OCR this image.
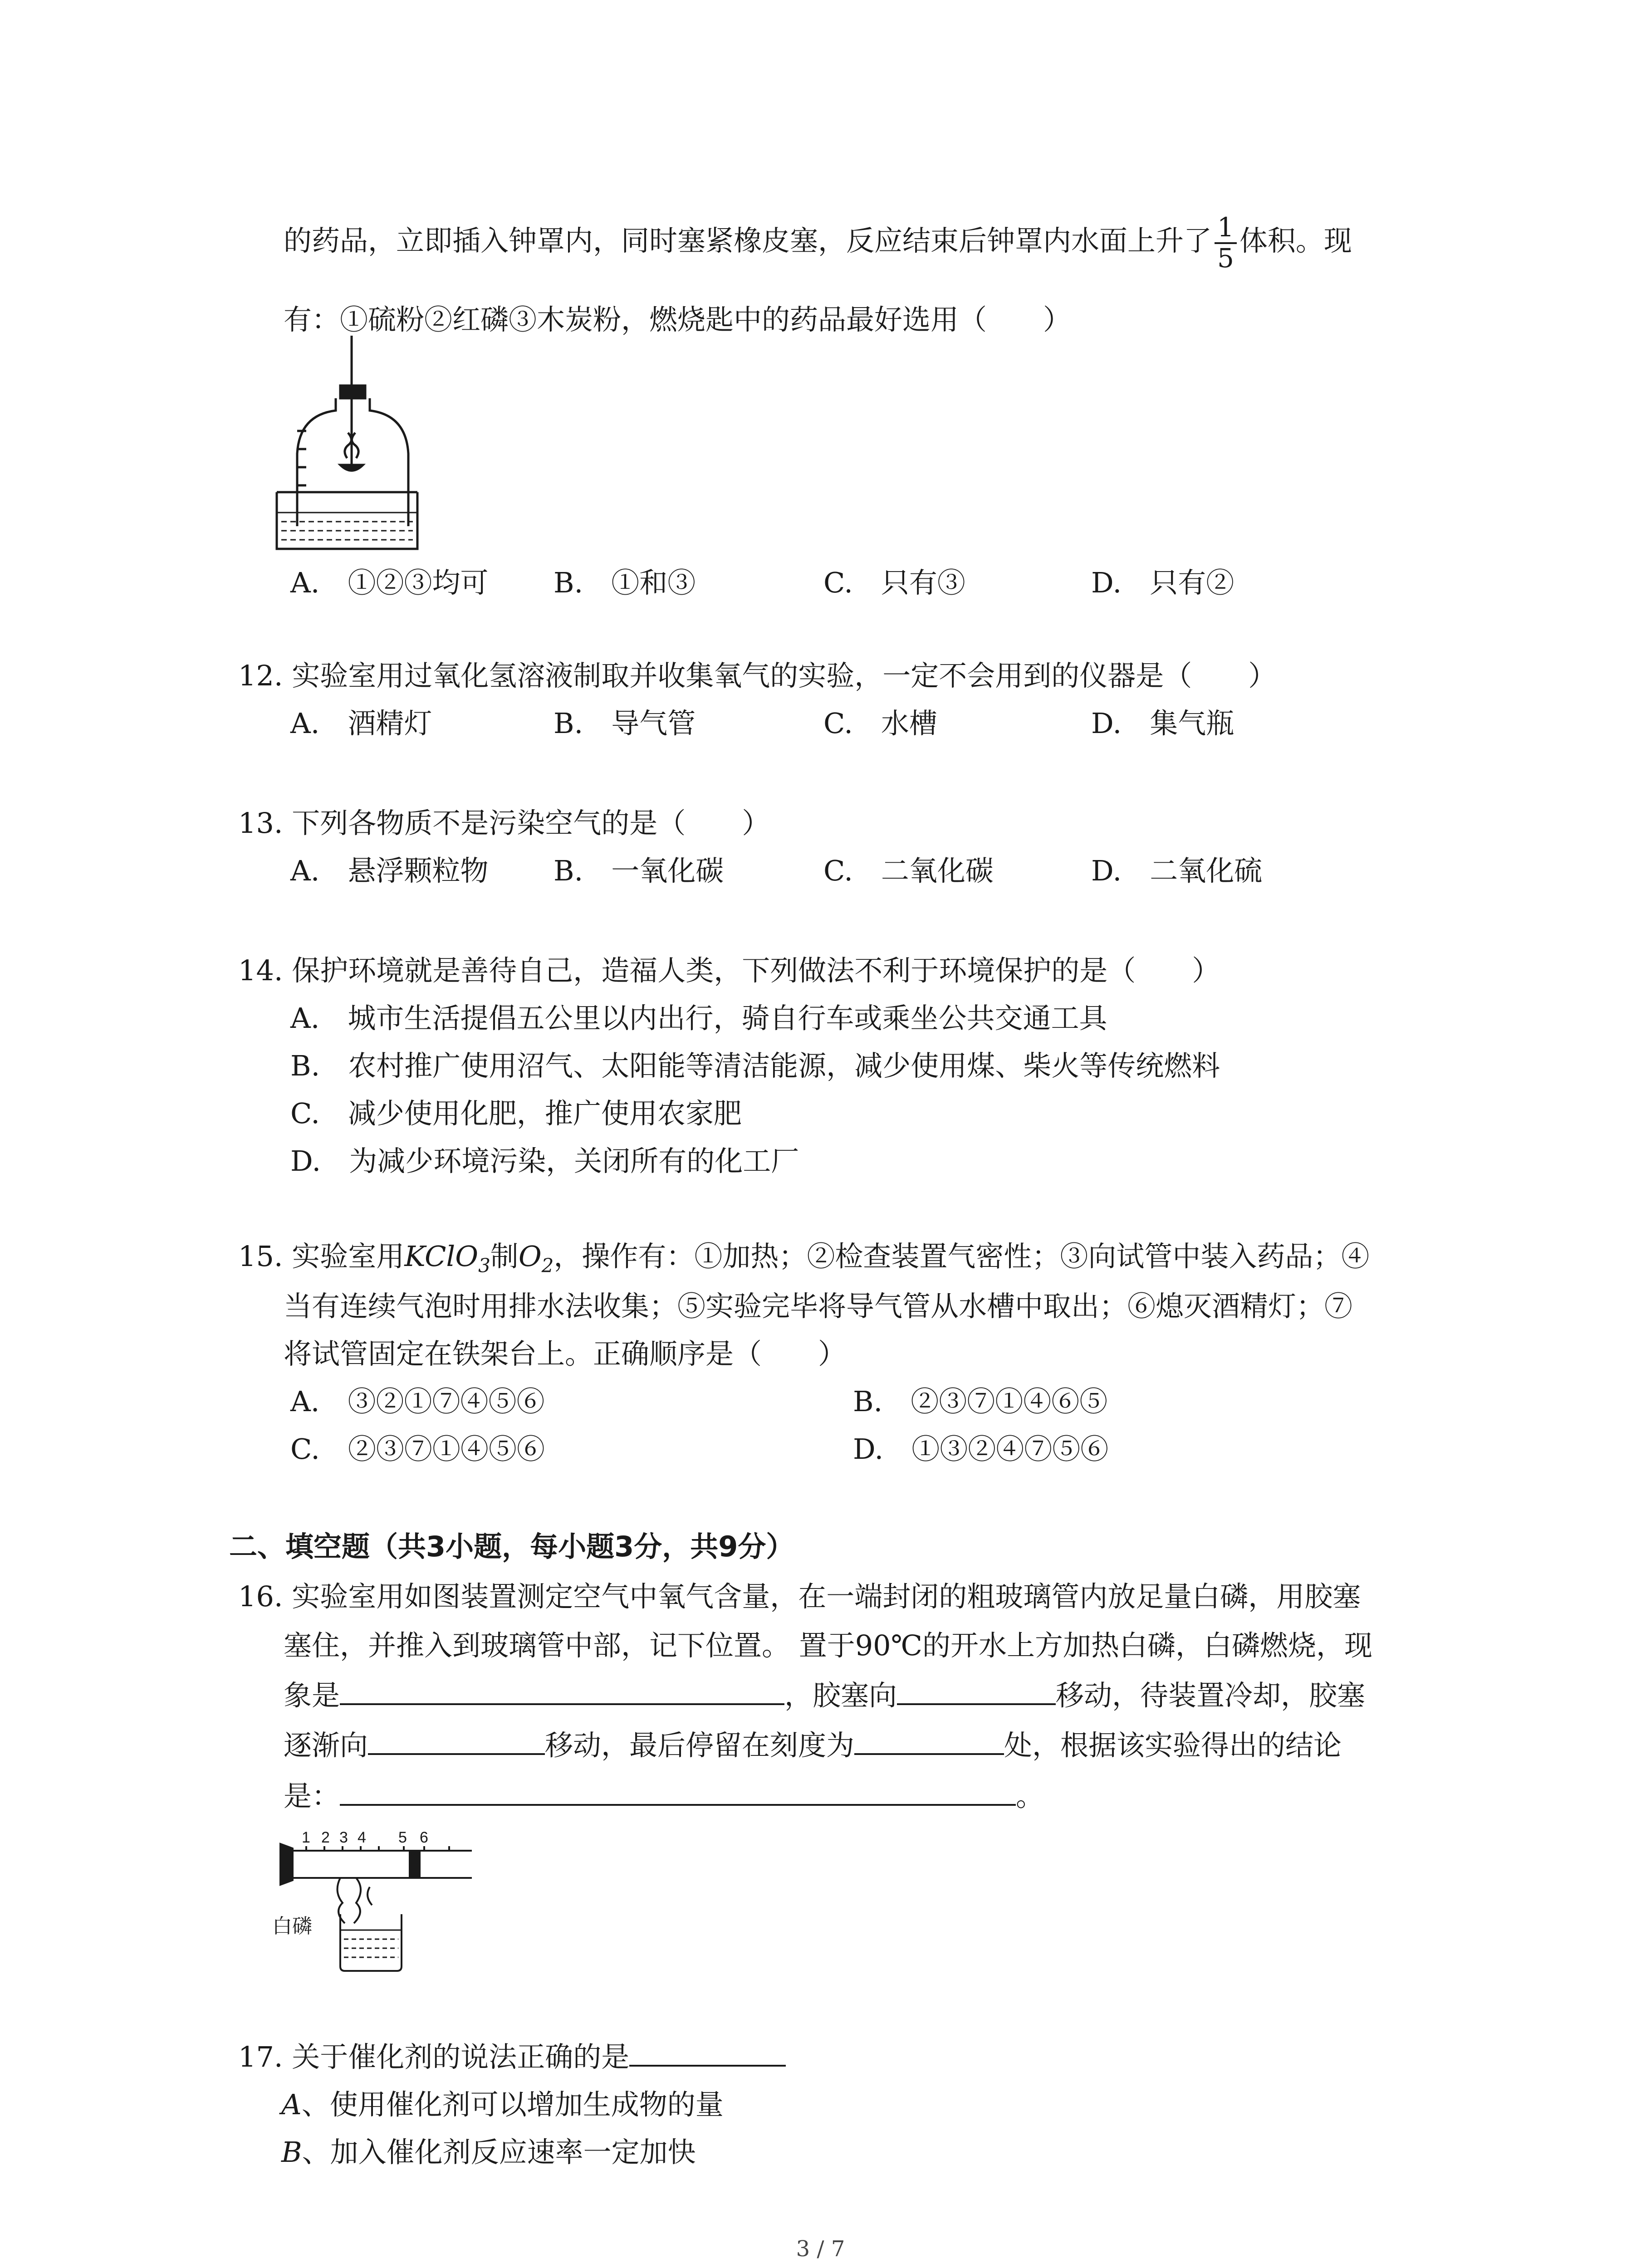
的药品，立即插入钟罩内，同时塞紧橡皮塞，反应结束后钟罩内水面上升了 $\frac{1}{5}$ 体积。现
有：①硫粉②红磷③木炭粉，燃烧匙中的药品最好选用（　　）
A.　①②③均可 B.　①和③	C.　只有③	D.　只有②
12. 实验室用过氧化氢溶液制取并收集氧气的实验，一定不会用到的仪器是（　　）
A.　酒精灯	B.　导气管	C.　水槽	D.　集气瓶
13. 下列各物质不是污染空气的是（　　）
A.　悬浮颗粒物 B.　一氧化碳	C.　二氧化碳	D.　二氧化硫
14. 保护环境就是善待自己，造福人类，下列做法不利于环境保护的是（　　）
A.　城市生活提倡五公里以内出行，骑自行车或乘坐公共交通工具
B.　农村推广使用沼气、太阳能等清洁能源，减少使用煤、柴火等传统燃料
C.　减少使用化肥，推广使用农家肥
D.　为减少环境污染，关闭所有的化工厂
15. 实验室用KClO$_3$制$O_2$，操作有：①加热；②检查装置气密性；③向试管中装入药品；④
当有连续气泡时用排水法收集；⑤实验完毕将导气管从水槽中取出；⑥熄灭酒精灯；⑦
将试管固定在铁架台上。正确顺序是（　　）
A.　③②①⑦④⑤⑥	B.　②③⑦①④⑥⑤
C.　②③⑦①④⑤⑥	D.　①③②④⑦⑤⑥
二、填空题（共3小题，每小题3分，共9分）
16. 实验室用如图装置测定空气中氧气含量，在一端封闭的粗玻璃管内放足量白磷，用胶塞
塞住，并推入到玻璃管中部，记下位置。 置于90℃的开水上方加热白磷，白磷燃烧，现
象是	，胶塞向	移动，待装置冷却，胶塞
逐渐向	移动，最后停留在刻度为	处，根据该实验得出的结论
是：	。
1 2 3 4 5 6
白磷
17. 关于催化剂的说法正确的是
A、使用催化剂可以增加生成物的量
B、加入催化剂反应速率一定加快
3 / 7
